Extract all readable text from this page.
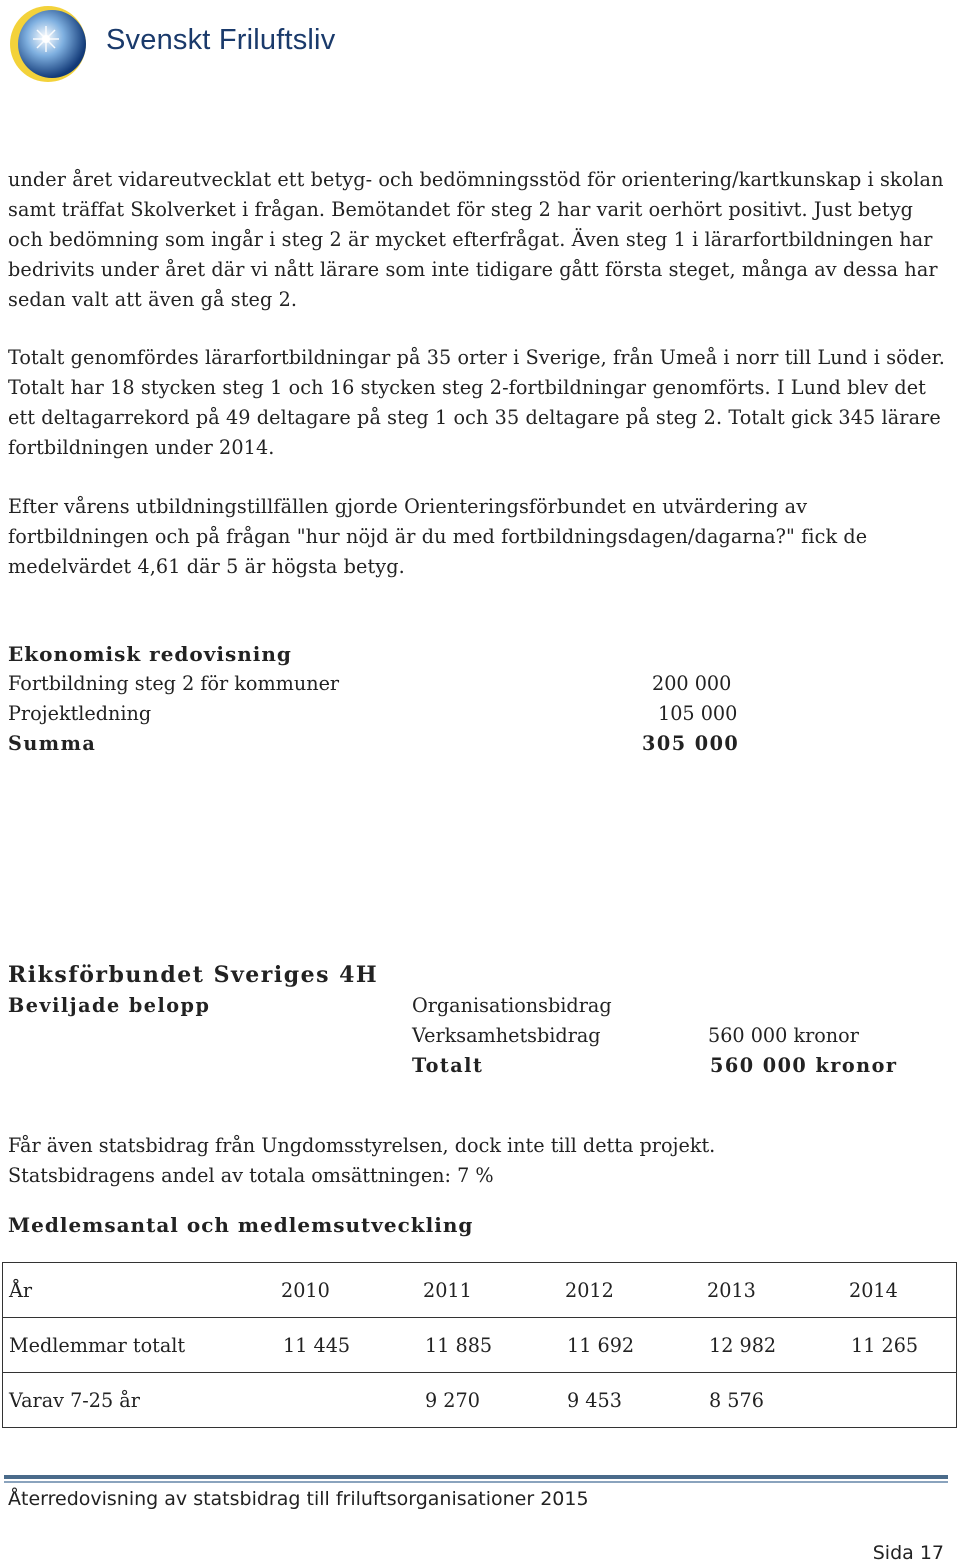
Svenskt Friluftsliv

under året vidareutvecklat ett betyg- och bedömningsstöd för orientering/kartkunskap i skolan samt träffat Skolverket i frågan. Bemötandet för steg 2 har varit oerhört positivt. Just betyg och bedömning som ingår i steg 2 är mycket efterfrågat. Även steg 1 i lärarfortbildningen har bedrivits under året där vi nått lärare som inte tidigare gått första steget, många av dessa har sedan valt att även gå steg 2.

Totalt genomfördes lärarfortbildningar på 35 orter i Sverige, från Umeå i norr till Lund i söder. Totalt har 18 stycken steg 1 och 16 stycken steg 2-fortbildningar genomförts. I Lund blev det ett deltagarrekord på 49 deltagare på steg 1 och 35 deltagare på steg 2. Totalt gick 345 lärare fortbildningen under 2014.

Efter vårens utbildningstillfällen gjorde Orienteringsförbundet en utvärdering av fortbildningen och på frågan "hur nöjd är du med fortbildningsdagen/dagarna?" fick de medelvärdet 4,61 där 5 är högsta betyg.

Ekonomisk redovisning
Fortbildning steg 2 för kommuner	200 000
Projektledning	105 000
Summa	305 000
Riksförbundet Sveriges 4H
Beviljade belopp	Organisationsbidrag
Verksamhetsbidrag	560 000 kronor
Totalt	560 000 kronor
Får även statsbidrag från Ungdomsstyrelsen, dock inte till detta projekt.
Statsbidragens andel av totala omsättningen: 7 %
Medlemsantal och medlemsutveckling
År	2010	2011	2012	2013	2014
Medlemmar totalt	11 445	11 885	11 692	12 982	11 265
Varav 7-25 år		9 270	9 453	8 576	
Återredovisning av statsbidrag till friluftsorganisationer 2015
Sida 17
